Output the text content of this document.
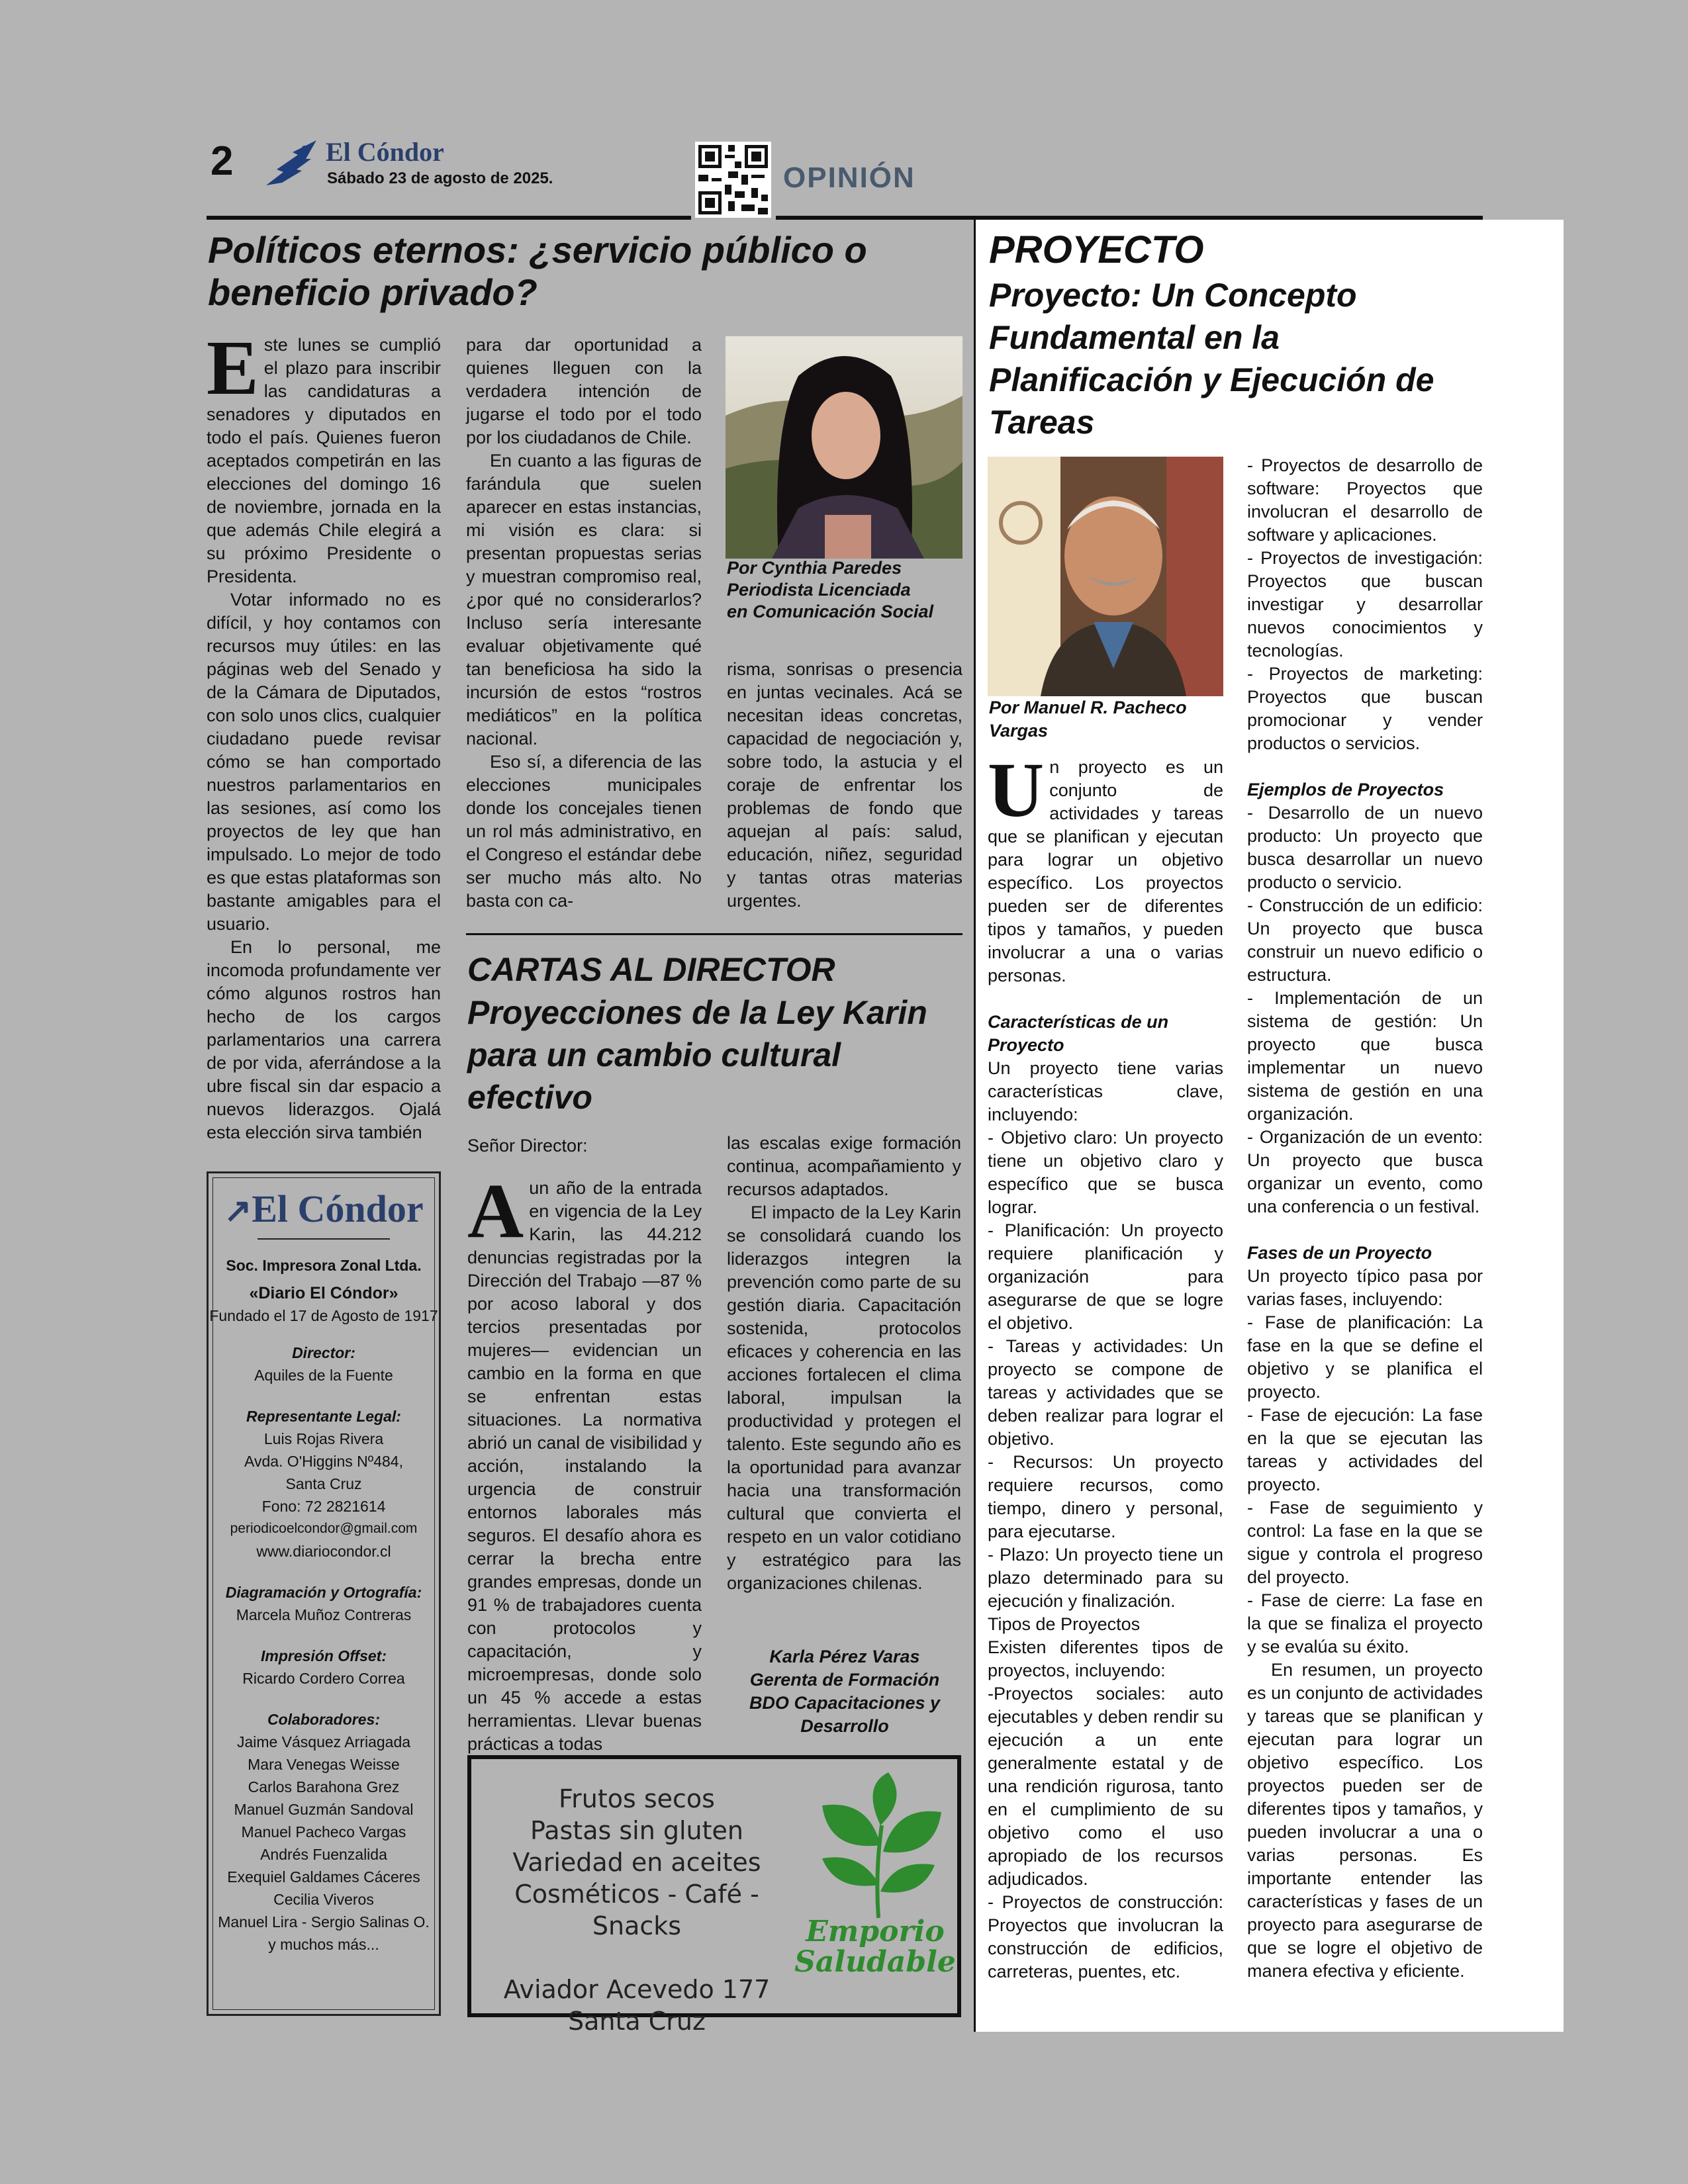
2	El Cóndor
Sábado 23 de agosto de 2025.	OPINIÓN
Políticos eternos: ¿servicio público o beneficio privado?
E ste lunes se cumplió el plazo para inscribir las candidaturas a senadores y diputados en todo el país. Quienes fueron aceptados competirán en las elecciones del domingo 16 de noviembre, jornada en la que además Chile elegirá a su próximo Presidente o Presidenta.

Votar informado no es difícil, y hoy contamos con recursos muy útiles: en las páginas web del Senado y de la Cámara de Diputados, con solo unos clics, cualquier ciudadano puede revisar cómo se han comportado nuestros parlamentarios en las sesiones, así como los proyectos de ley que han impulsado. Lo mejor de todo es que estas plataformas son bastante amigables para el usuario.

En lo personal, me incomoda profundamente ver cómo algunos rostros han hecho de los cargos parlamentarios una carrera de por vida, aferrándose a la ubre fiscal sin dar espacio a nuevos liderazgos. Ojalá esta elección sirva también

para dar oportunidad a quienes lleguen con la verdadera intención de jugarse el todo por el todo por los ciudadanos de Chile.

En cuanto a las figuras de farándula que suelen aparecer en estas instancias, mi visión es clara: si presentan propuestas serias y muestran compromiso real, ¿por qué no considerarlos? Incluso sería interesante evaluar objetivamente qué tan beneficiosa ha sido la incursión de estos “rostros mediáticos” en la política nacional.

Eso sí, a diferencia de las elecciones municipales donde los concejales tienen un rol más administrativo, en el Congreso el estándar debe ser mucho más alto. No basta con ca-

Por Cynthia Paredes
Periodista Licenciada
en Comunicación Social

risma, sonrisas o presencia en juntas vecinales. Acá se necesitan ideas concretas, capacidad de negociación y, sobre todo, la astucia y el coraje de enfrentar los problemas de fondo que aquejan al país: salud, educación, niñez, seguridad y tantas otras materias urgentes.

CARTAS AL DIRECTOR
Proyecciones de la Ley Karin para un cambio cultural efectivo
Señor Director:
A un año de la entrada en vigencia de la Ley Karin, las 44.212 denuncias registradas por la Dirección del Trabajo —87 % por acoso laboral y dos tercios presentadas por mujeres— evidencian un cambio en la forma en que se enfrentan estas situaciones. La normativa abrió un canal de visibilidad y acción, instalando la urgencia de construir entornos laborales más seguros. El desafío ahora es cerrar la brecha entre grandes empresas, donde un 91 % de trabajadores cuenta con protocolos y capacitación, y microempresas, donde solo un 45 % accede a estas herramientas. Llevar buenas prácticas a todas

las escalas exige formación continua, acompañamiento y recursos adaptados.

El impacto de la Ley Karin se consolidará cuando los liderazgos integren la prevención como parte de su gestión diaria. Capacitación sostenida, protocolos eficaces y coherencia en las acciones fortalecen el clima laboral, impulsan la productividad y protegen el talento. Este segundo año es la oportunidad para avanzar hacia una transformación cultural que convierta el respeto en un valor cotidiano y estratégico para las organizaciones chilenas.

Karla Pérez Varas
Gerenta de Formación
BDO Capacitaciones y
Desarrollo
↗El Cóndor
Soc. Impresora Zonal Ltda.
«Diario El Cóndor»
Fundado el 17 de Agosto de 1917
Director:
Aquiles de la Fuente
Representante Legal:
Luis Rojas Rivera
Avda. O'Higgins Nº484,
Santa Cruz
Fono: 72 2821614
periodicoelcondor@gmail.com
www.diariocondor.cl
Diagramación y Ortografía:
Marcela Muñoz Contreras
Impresión Offset:
Ricardo Cordero Correa
Colaboradores:
Jaime Vásquez Arriagada
Mara Venegas Weisse
Carlos Barahona Grez
Manuel Guzmán Sandoval
Manuel Pacheco Vargas
Andrés Fuenzalida
Exequiel Galdames Cáceres
Cecilia Viveros
Manuel Lira - Sergio Salinas O.
y muchos más...
Frutos secos
Pastas sin gluten
Variedad en aceites
Cosméticos - Café - Snacks
Aviador Acevedo 177
Santa Cruz
Emporio
Saludable
PROYECTO
Proyecto: Un Concepto Fundamental en la Planificación y Ejecución de Tareas
Por Manuel R. Pacheco
Vargas
U n proyecto es un conjunto de actividades y tareas que se planifican y ejecutan para lograr un objetivo específico. Los proyectos pueden ser de diferentes tipos y tamaños, y pueden involucrar a una o varias personas.

Características de un Proyecto

Un proyecto tiene varias características clave, incluyendo:

- Objetivo claro: Un proyecto tiene un objetivo claro y específico que se busca lograr.

- Planificación: Un proyecto requiere planificación y organización para asegurarse de que se logre el objetivo.

- Tareas y actividades: Un proyecto se compone de tareas y actividades que se deben realizar para lograr el objetivo.

- Recursos: Un proyecto requiere recursos, como tiempo, dinero y personal, para ejecutarse.

- Plazo: Un proyecto tiene un plazo determinado para su ejecución y finalización.

Tipos de Proyectos

Existen diferentes tipos de proyectos, incluyendo:

-Proyectos sociales: auto ejecutables y deben rendir su ejecución a un ente generalmente estatal y de una rendición rigurosa, tanto en el cumplimiento de su objetivo como el uso apropiado de los recursos adjudicados.

- Proyectos de construcción: Proyectos que involucran la construcción de edificios, carreteras, puentes, etc.

- Proyectos de desarrollo de software: Proyectos que involucran el desarrollo de software y aplicaciones.

- Proyectos de investigación: Proyectos que buscan investigar y desarrollar nuevos conocimientos y tecnologías.

- Proyectos de marketing: Proyectos que buscan promocionar y vender productos o servicios.

Ejemplos de Proyectos

- Desarrollo de un nuevo producto: Un proyecto que busca desarrollar un nuevo producto o servicio.

- Construcción de un edificio: Un proyecto que busca construir un nuevo edificio o estructura.

- Implementación de un sistema de gestión: Un proyecto que busca implementar un nuevo sistema de gestión en una organización.

- Organización de un evento: Un proyecto que busca organizar un evento, como una conferencia o un festival.

Fases de un Proyecto

Un proyecto típico pasa por varias fases, incluyendo:

- Fase de planificación: La fase en la que se define el objetivo y se planifica el proyecto.

- Fase de ejecución: La fase en la que se ejecutan las tareas y actividades del proyecto.

- Fase de seguimiento y control: La fase en la que se sigue y controla el progreso del proyecto.

- Fase de cierre: La fase en la que se finaliza el proyecto y se evalúa su éxito.

En resumen, un proyecto es un conjunto de actividades y tareas que se planifican y ejecutan para lograr un objetivo específico. Los proyectos pueden ser de diferentes tipos y tamaños, y pueden involucrar a una o varias personas. Es importante entender las características y fases de un proyecto para asegurarse de que se logre el objetivo de manera efectiva y eficiente.
